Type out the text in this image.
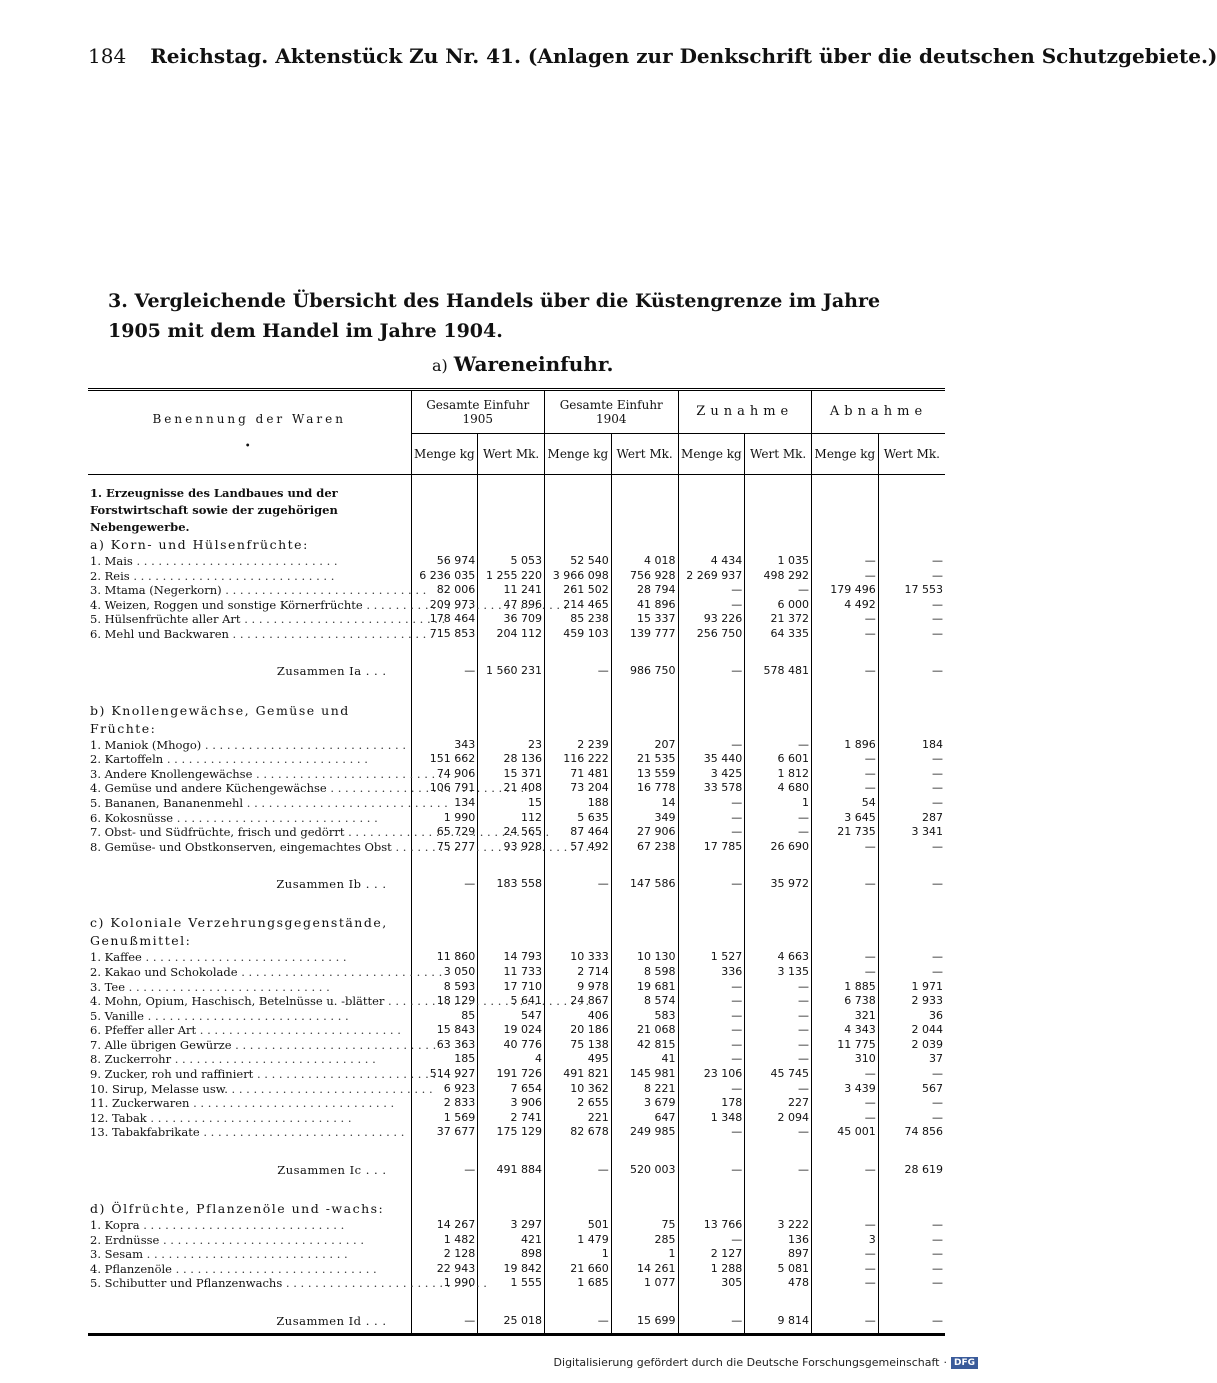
184 Reichstag. Aktenstück Zu Nr. 41. (Anlagen zur Denkschrift über die deutschen Schutzgebiete.)
3. Vergleichende Übersicht des Handels über die Küstengrenze im Jahre 1905 mit dem Handel im Jahre 1904.
a) Wareneinfuhr.
Benennung der Waren
•	Gesamte Einfuhr 1905		Gesamte Einfuhr 1904		Zunahme		Abnahme	
	Menge kg	Wert Mk.	Menge kg	Wert Mk.	Menge kg	Wert Mk.	Menge kg	Wert Mk.

1. Erzeugnisse des Landbaues und der Forstwirtschaft sowie der zugehörigen Nebengewerbe.								
a) Korn- und Hülsenfrüchte:								
1. Mais . . .	56 974	5 053	52 540	4 018	4 434	1 035	—	—
2. Reis . . .	6 236 035	1 255 220	3 966 098	756 928	2 269 937	498 292	—	—
3. Mtama (Negerkorn) . . .	82 006	11 241	261 502	28 794	—	—	179 496	17 553
4. Weizen, Roggen und sonstige Körnerfrüchte . . .	209 973	47 896	214 465	41 896	—	6 000	4 492	—
5. Hülsenfrüchte aller Art . . .	178 464	36 709	85 238	15 337	93 226	21 372	—	—
6. Mehl und Backwaren . . .	715 853	204 112	459 103	139 777	256 750	64 335	—	—

Zusammen Ia . . .	—	1 560 231	—	986 750	—	578 481	—	—

b) Knollengewächse, Gemüse und Früchte:								
1. Maniok (Mhogo) . . .	343	23	2 239	207	—	—	1 896	184
2. Kartoffeln . . .	151 662	28 136	116 222	21 535	35 440	6 601	—	—
3. Andere Knollengewächse . . .	74 906	15 371	71 481	13 559	3 425	1 812	—	—
4. Gemüse und andere Küchengewächse . . .	106 791	21 408	73 204	16 778	33 578	4 680	—	—
5. Bananen, Bananenmehl . . .	134	15	188	14	—	1	54	—
6. Kokosnüsse . . .	1 990	112	5 635	349	—	—	3 645	287
7. Obst- und Südfrüchte, frisch und gedörrt . . .	65 729	24 565	87 464	27 906	—	—	21 735	3 341
8. Gemüse- und Obstkonserven, eingemachtes Obst . . .	75 277	93 928	57 492	67 238	17 785	26 690	—	—

Zusammen Ib . . .	—	183 558	—	147 586	—	35 972	—	—

c) Koloniale Verzehrungsgegenstände, Genußmittel:								
1. Kaffee . . .	11 860	14 793	10 333	10 130	1 527	4 663	—	—
2. Kakao und Schokolade . . .	3 050	11 733	2 714	8 598	336	3 135	—	—
3. Tee . . .	8 593	17 710	9 978	19 681	—	—	1 885	1 971
4. Mohn, Opium, Haschisch, Betelnüsse u. -blätter . . .	18 129	5 641	24 867	8 574	—	—	6 738	2 933
5. Vanille . . .	85	547	406	583	—	—	321	36
6. Pfeffer aller Art . . .	15 843	19 024	20 186	21 068	—	—	4 343	2 044
7. Alle übrigen Gewürze . . .	63 363	40 776	75 138	42 815	—	—	11 775	2 039
8. Zuckerrohr . . .	185	4	495	41	—	—	310	37
9. Zucker, roh und raffiniert . . .	514 927	191 726	491 821	145 981	23 106	45 745	—	—
10. Sirup, Melasse usw. . . .	6 923	7 654	10 362	8 221	—	—	3 439	567
11. Zuckerwaren . . .	2 833	3 906	2 655	3 679	178	227	—	—
12. Tabak . . .	1 569	2 741	221	647	1 348	2 094	—	—
13. Tabakfabrikate . . .	37 677	175 129	82 678	249 985	—	—	45 001	74 856

Zusammen Ic . . .	—	491 884	—	520 003	—	—	—	28 619

d) Ölfrüchte, Pflanzenöle und -wachs:								
1. Kopra . . .	14 267	3 297	501	75	13 766	3 222	—	—
2. Erdnüsse . . .	1 482	421	1 479	285	—	136	3	—
3. Sesam . . .	2 128	898	1	1	2 127	897	—	—
4. Pflanzenöle . . .	22 943	19 842	21 660	14 261	1 288	5 081	—	—
5. Schibutter und Pflanzenwachs . . .	1 990	1 555	1 685	1 077	305	478	—	—

Zusammen Id . . .	—	25 018	—	15 699	—	9 814	—	—
Digitalisierung gefördert durch die Deutsche Forschungsgemeinschaft · DFG
